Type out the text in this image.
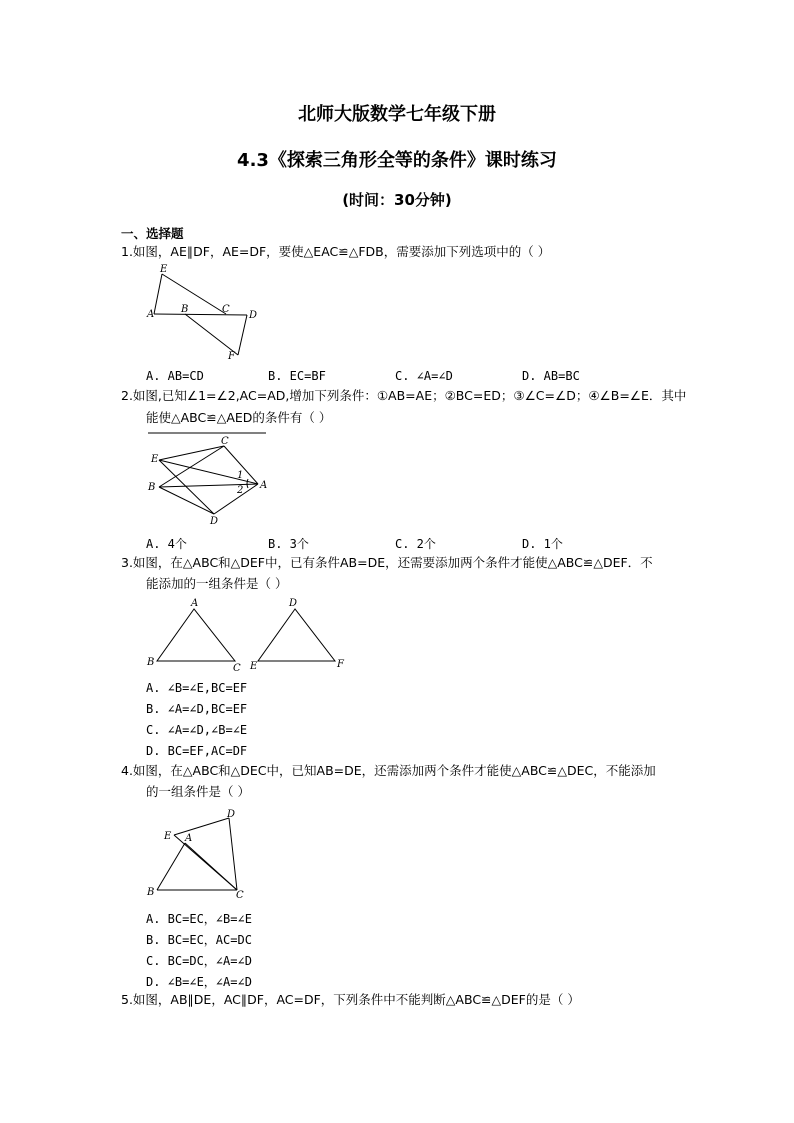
北师大版数学七年级下册
4.3《探索三角形全等的条件》课时练习
(时间：30分钟)
一、选择题
1.如图，AE∥DF，AE=DF，要使△EAC≌△FDB，需要添加下列选项中的（ ）
E
A	B	C
D
F
A. AB=CD	B. EC=BF	C. ∠A=∠D	D. AB=BC
2.如图,已知∠1=∠2,AC=AD,增加下列条件：①AB=AE；②BC=ED；③∠C=∠D；④∠B=∠E．其中
能使△ABC≌△AED的条件有（ ）
C
E
B
D
A
1
2
A. 4个	B. 3个	C. 2个	D. 1个
3.如图，在△ABC和△DEF中，已有条件AB=DE，还需要添加两个条件才能使△ABC≌△DEF．不
能添加的一组条件是（ ）
A
B
C
D
E	F
A. ∠B=∠E,BC=EF
B. ∠A=∠D,BC=EF
C. ∠A=∠D,∠B=∠E
D. BC=EF,AC=DF
4.如图，在△ABC和△DEC中，已知AB=DE，还需添加两个条件才能使△ABC≌△DEC，不能添加
的一组条件是（ ）
D
E A
B	C
A. BC=EC，∠B=∠E
B. BC=EC，AC=DC
C. BC=DC，∠A=∠D
D. ∠B=∠E，∠A=∠D
5.如图，AB∥DE，AC∥DF，AC=DF，下列条件中不能判断△ABC≌△DEF的是（ ）
